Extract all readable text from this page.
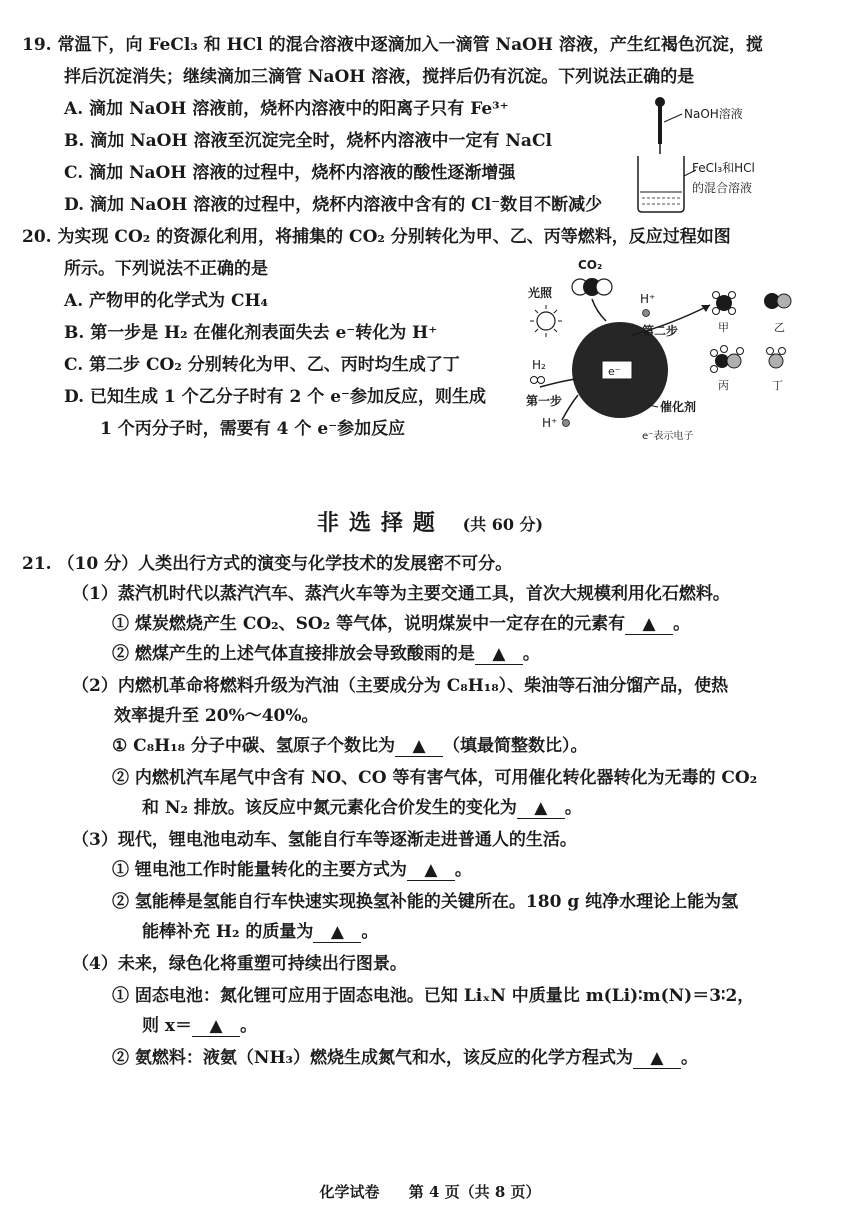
19. 常温下，向 FeCl₃ 和 HCl 的混合溶液中逐滴加入一滴管 NaOH 溶液，产生红褐色沉淀，搅
拌后沉淀消失；继续滴加三滴管 NaOH 溶液，搅拌后仍有沉淀。下列说法正确的是
A. 滴加 NaOH 溶液前，烧杯内溶液中的阳离子只有 Fe³⁺
B. 滴加 NaOH 溶液至沉淀完全时，烧杯内溶液中一定有 NaCl
C. 滴加 NaOH 溶液的过程中，烧杯内溶液的酸性逐渐增强
D. 滴加 NaOH 溶液的过程中，烧杯内溶液中含有的 Cl⁻数目不断减少
NaOH溶液
FeCl₃和HCl
的混合溶液
20. 为实现 CO₂ 的资源化利用，将捕集的 CO₂ 分别转化为甲、乙、丙等燃料，反应过程如图
所示。下列说法不正确的是
A. 产物甲的化学式为 CH₄
B. 第一步是 H₂ 在催化剂表面失去 e⁻转化为 H⁺
C. 第二步 CO₂ 分别转化为甲、乙、丙时均生成了丁
D. 已知生成 1 个乙分子时有 2 个 e⁻参加反应，则生成
1 个丙分子时，需要有 4 个 e⁻参加反应
CO₂
光照
e⁻
H⁺
第二步	甲	乙
丙	丁
H₂
第一步	催化剂
H⁺
e⁻表示电子
非选择题 (共 60 分)
21. （10 分）人类出行方式的演变与化学技术的发展密不可分。
（1）蒸汽机时代以蒸汽汽车、蒸汽火车等为主要交通工具，首次大规模利用化石燃料。
① 煤炭燃烧产生 CO₂、SO₂ 等气体，说明煤炭中一定存在的元素有 ▲ 。
② 燃煤产生的上述气体直接排放会导致酸雨的是 ▲ 。
（2）内燃机革命将燃料升级为汽油（主要成分为 C₈H₁₈）、柴油等石油分馏产品，使热
效率提升至 20%～40%。
① C₈H₁₈ 分子中碳、氢原子个数比为 ▲ （填最简整数比）。
② 内燃机汽车尾气中含有 NO、CO 等有害气体，可用催化转化器转化为无毒的 CO₂
和 N₂ 排放。该反应中氮元素化合价发生的变化为 ▲ 。
（3）现代，锂电池电动车、氢能自行车等逐渐走进普通人的生活。
① 锂电池工作时能量转化的主要方式为 ▲ 。
② 氢能棒是氢能自行车快速实现换氢补能的关键所在。180 g 纯净水理论上能为氢
能棒补充 H₂ 的质量为 ▲ 。
（4）未来，绿色化将重塑可持续出行图景。
① 固态电池：氮化锂可应用于固态电池。已知 LiₓN 中质量比 m(Li)∶m(N)＝3∶2，
则 x＝ ▲ 。
② 氨燃料：液氨（NH₃）燃烧生成氮气和水，该反应的化学方程式为 ▲ 。
化学试卷 第 4 页（共 8 页）
